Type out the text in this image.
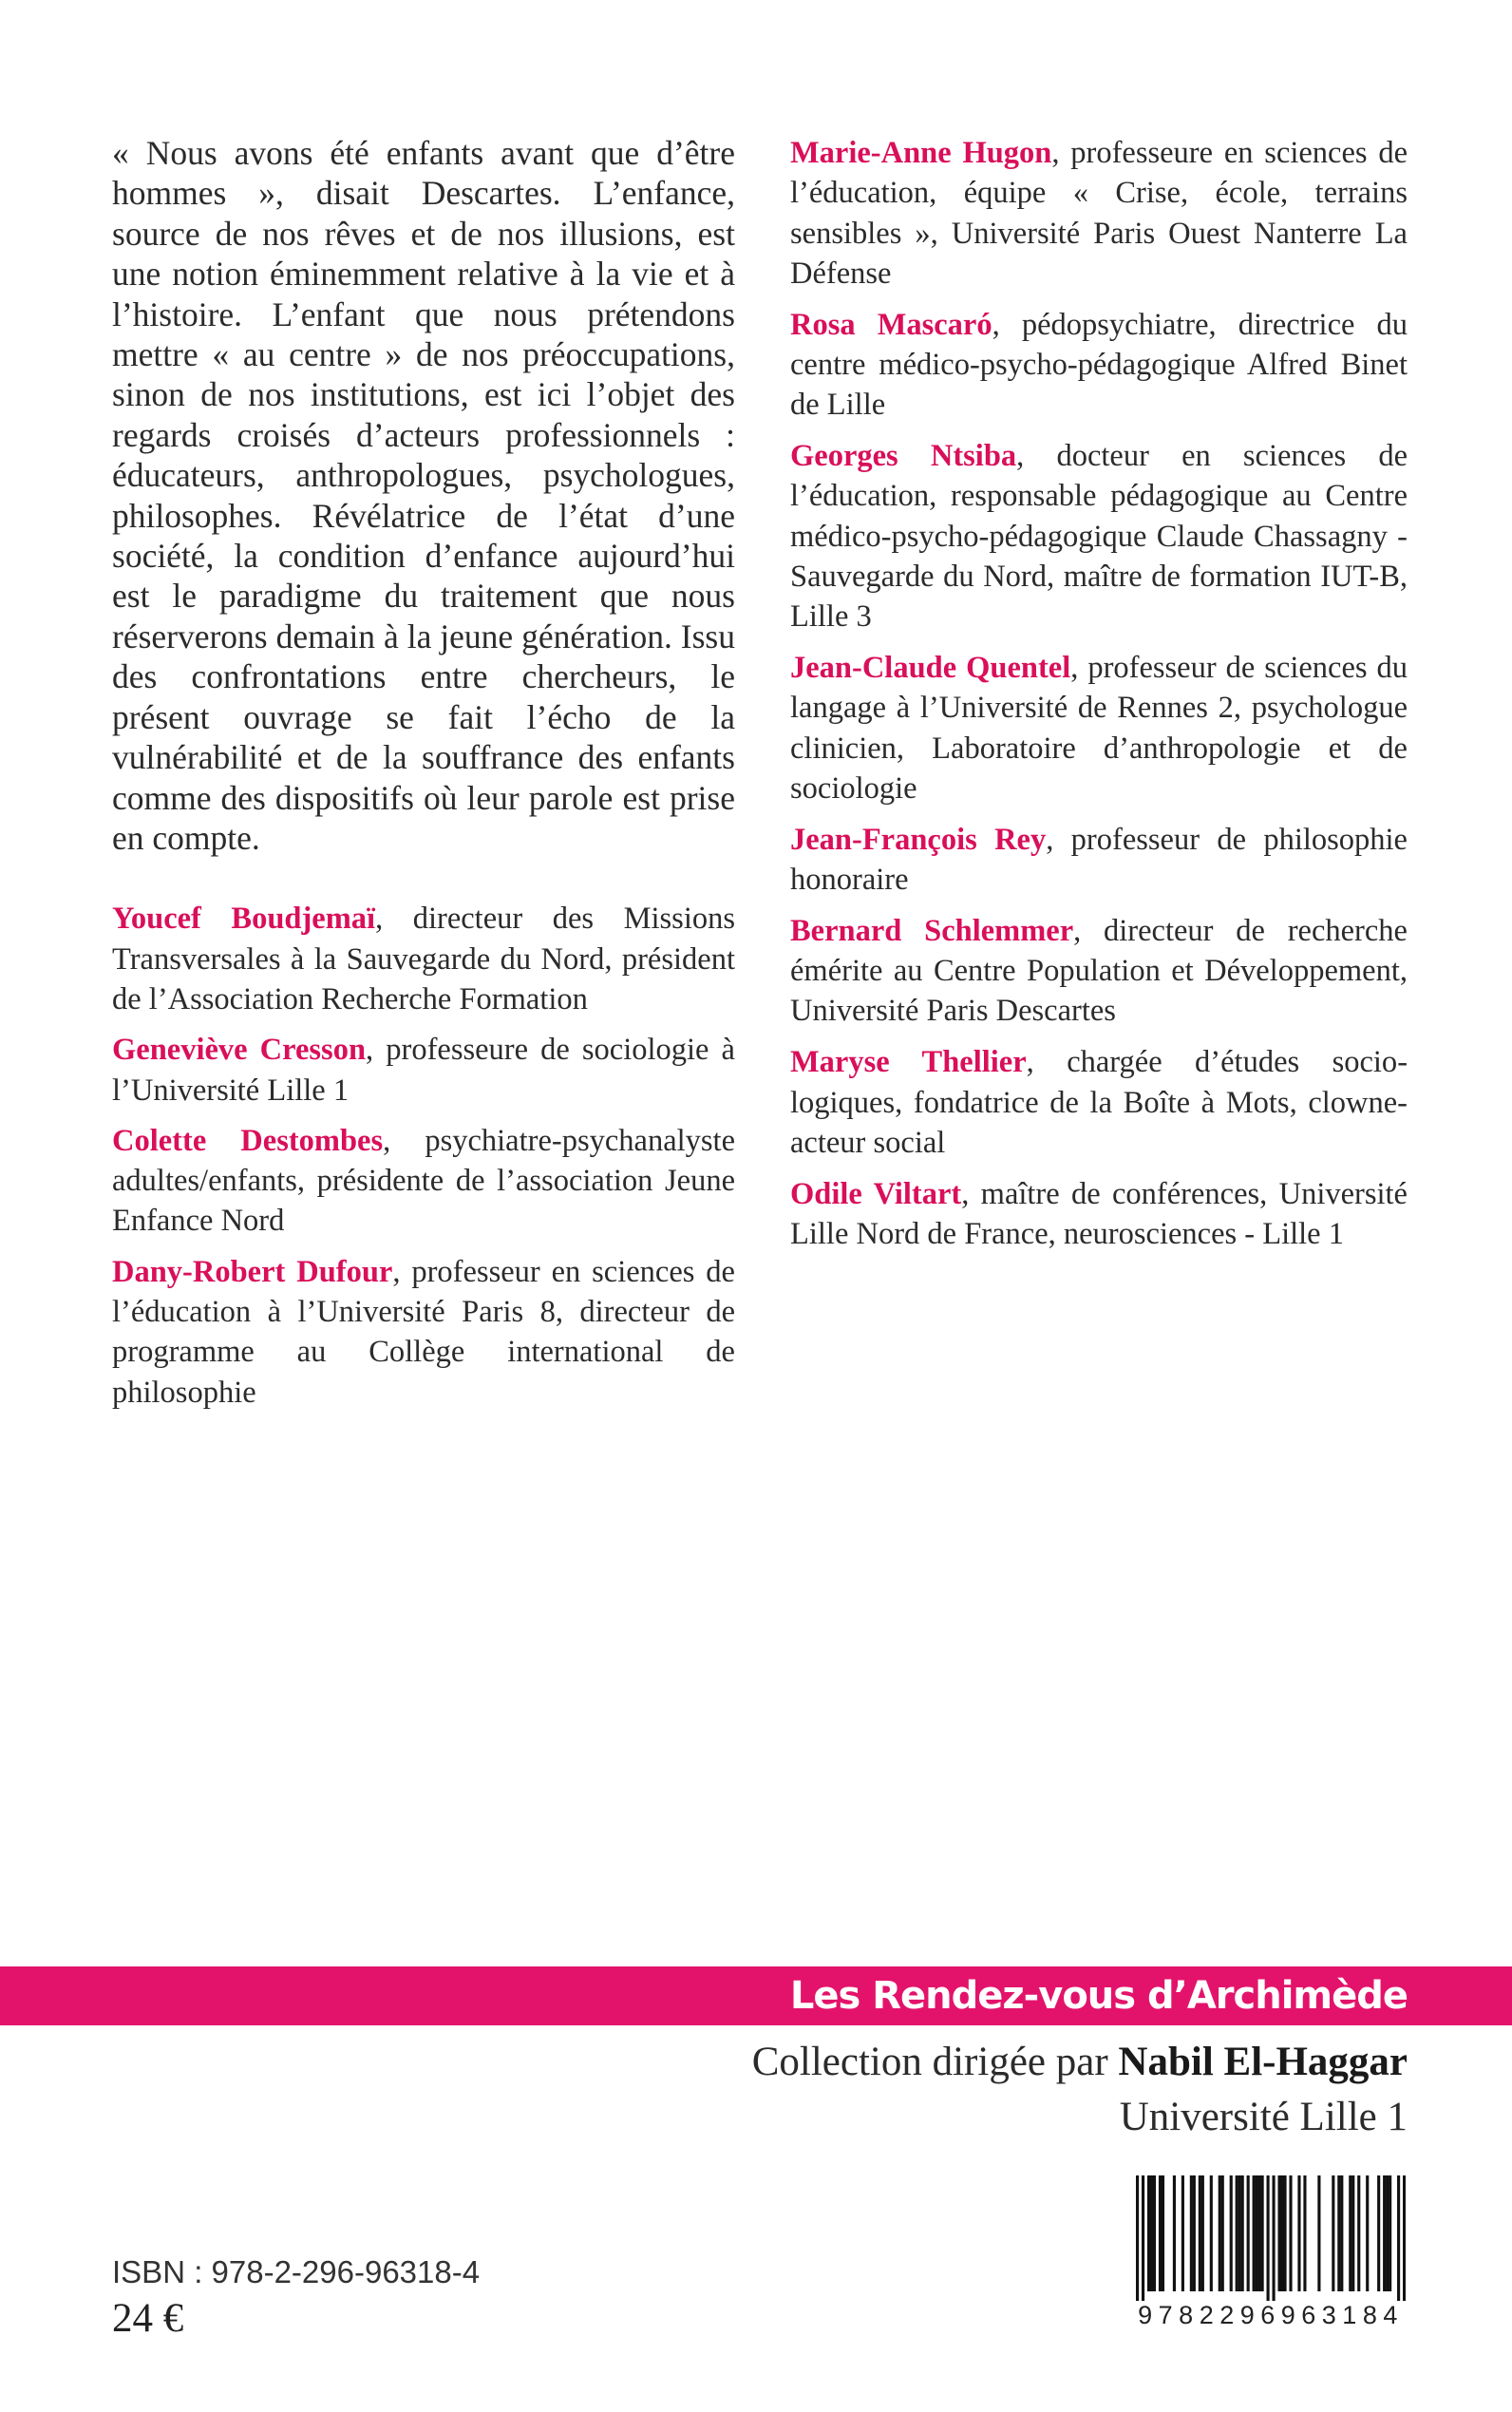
« Nous avons été enfants avant que d’être hommes », disait Descartes. L’enfance, source de nos rêves et de nos illusions, est une notion éminemment relative à la vie et à l’histoire. L’enfant que nous prétendons mettre « au centre » de nos préoccupations, sinon de nos institutions, est ici l’objet des regards croisés d’acteurs professionnels : éducateurs, anthropologues, psychologues, philosophes. Révélatrice de l’état d’une société, la condition d’enfance aujourd’hui est le paradigme du traitement que nous réserverons demain à la jeune génération. Issu des confrontations entre chercheurs, le présent ouvrage se fait l’écho de la vulnérabilité et de la souffrance des enfants comme des dispositifs où leur parole est prise en compte.

Youcef Boudjemaï, directeur des Missions Transversales à la Sauvegarde du Nord, président de l’Association Recherche Formation

Geneviève Cresson, professeure de sociologie à l’Université Lille 1

Colette Destombes, psychiatre-psychanalyste adultes/enfants, présidente de l’association Jeune Enfance Nord

Dany-Robert Dufour, professeur en sciences de l’éducation à l’Université Paris 8, directeur de programme au Collège international de philosophie

Marie-Anne Hugon, professeure en sciences de l’éducation, équipe « Crise, école, terrains sensibles », Université Paris Ouest Nanterre La Défense

Rosa Mascaró, pédopsychiatre, directrice du centre médico-psycho-pédagogique Alfred Binet de Lille

Georges Ntsiba, docteur en sciences de l’éducation, responsable pédagogique au Centre médico-psycho-pédagogique Claude Chassagny - Sauvegarde du Nord, maître de formation IUT-B, Lille 3

Jean-Claude Quentel, professeur de sciences du langage à l’Université de Rennes 2, psychologue clinicien, Laboratoire d’anthropologie et de sociologie

Jean-François Rey, professeur de philosophie honoraire

Bernard Schlemmer, directeur de recherche émérite au Centre Population et Développement, Université Paris Descartes

Maryse Thellier, chargée d’études sociologiques, fondatrice de la Boîte à Mots, clowne-acteur social

Odile Viltart, maître de conférences, Université Lille Nord de France, neurosciences - Lille 1

Les Rendez-vous d’Archimède

Collection dirigée par Nabil El-Haggar

Université Lille 1

ISBN : 978-2-296-96318-4

24 €	9782296963184
